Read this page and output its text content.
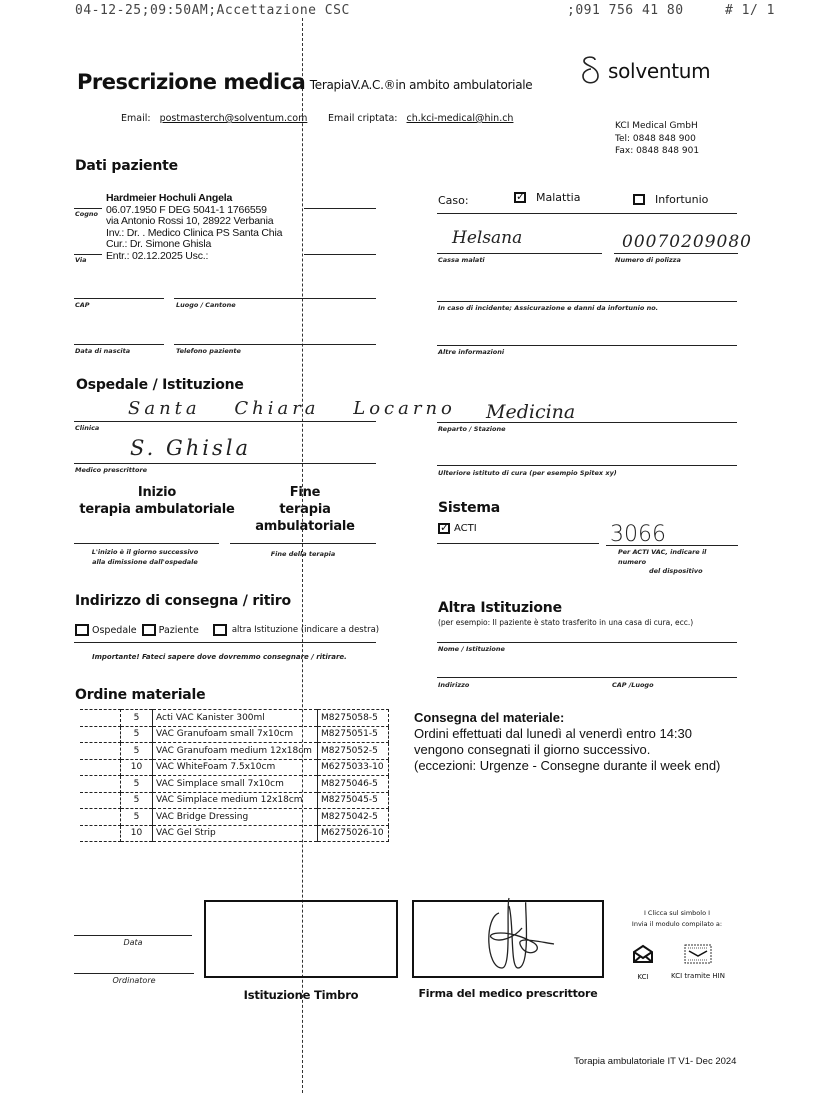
04-12-25;09:50AM;Accettazione CSC	;091 756 41 80	# 1/ 1
Prescrizione medica TerapiaV.A.C.®in ambito ambulatoriale
solventum
Email: postmasterch@solventum.com Email criptata: ch.kci-medical@hin.ch
KCI Medical GmbH
Tel: 0848 848 900
Fax: 0848 848 901
Dati paziente
Hardmeier Hochuli Angela
06.07.1950 F DEG 5041-1 1766559
via Antonio Rossi 10, 28922 Verbania
Inv.: Dr. . Medico Clinica PS Santa Chia
Cur.: Dr. Simone Ghisla
Entr.: 02.12.2025 Usc.:
Cogno
Via
CAP	Luogo / Cantone
Data di nascita	Telefono paziente
Caso: ✓	Malattia	Infortunio
Helsana
Cassa malati
00070209080
Numero di polizza
In caso di incidente; Assicurazione e danni da infortunio no.
Altre informazioni
Ospedale / Istituzione
Santa Chiara Locarno
Clinica
S. Ghisla
Medico prescrittore
Medicina
Reparto / Stazione
Ulteriore istituto di cura (per esempio Spitex xy)
Inizio
terapia ambulatoriale
Fine
terapia ambulatoriale
L'inizio è il giorno successivo
alla dimissione dall'ospedale
Fine della terapia
Sistema
✓
ACTI	3066
Per ACTI VAC, indicare il
numero
del dispositivo
Indirizzo di consegna / ritiro
Ospedale Paziente	altra Istituzione (indicare a destra)
Importante! Fateci sapere dove dovremmo consegnare / ritirare.
Altra Istituzione
(per esempio: Il paziente è stato trasferito in una casa di cura, ecc.)
Nome / Istituzione
Indirizzo	CAP /Luogo
Ordine materiale
	5	Acti VAC Kanister 300ml	M8275058-5
	5	VAC Granufoam small 7x10cm	M8275051-5
	5	VAC Granufoam medium 12x18cm	M8275052-5
	10	VAC WhiteFoam 7.5x10cm	M6275033-10
	5	VAC Simplace small 7x10cm	M8275046-5
	5	VAC Simplace medium 12x18cm	M8275045-5
	5	VAC Bridge Dressing	M8275042-5
	10	VAC Gel Strip	M6275026-10
Consegna del materiale:
Ordini effettuati dal lunedì al venerdì entro 14:30
vengono consegnati il giorno successivo.
(eccezioni: Urgenze - Consegne durante il week end)
Data
Ordinatore
Istituzione Timbro	Firma del medico prescrittore
I Clicca sul simbolo I
Invia il modulo compilato a:
KCI	KCI tramite HIN
Torapia ambulatoriale IT V1- Dec 2024
